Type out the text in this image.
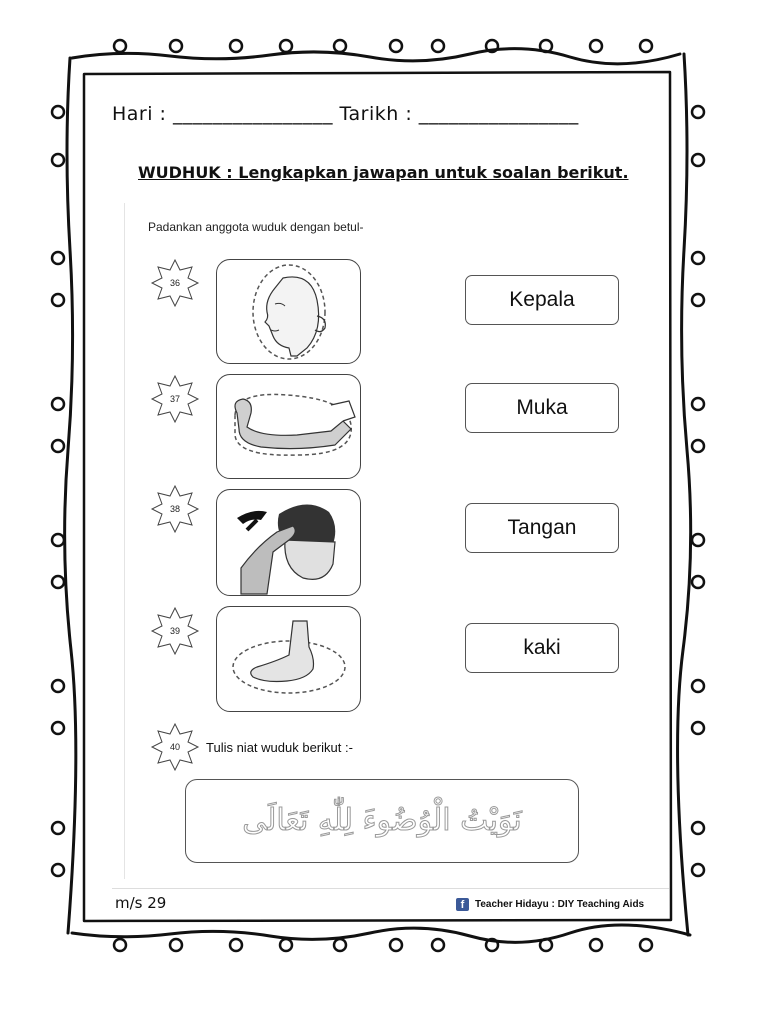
Hari : ________________ Tarikh : ________________
WUDHUK : Lengkapkan jawapan untuk soalan berikut.
Padankan anggota wuduk dengan betul-
36
37
38
39
Kepala
Muka
Tangan
kaki
40	Tulis niat wuduk berikut :-
نَوَيْتُ الْوُضُوءَ لِلّٰهِ تَعَالَى
m/s 29	f	Teacher Hidayu : DIY Teaching Aids
